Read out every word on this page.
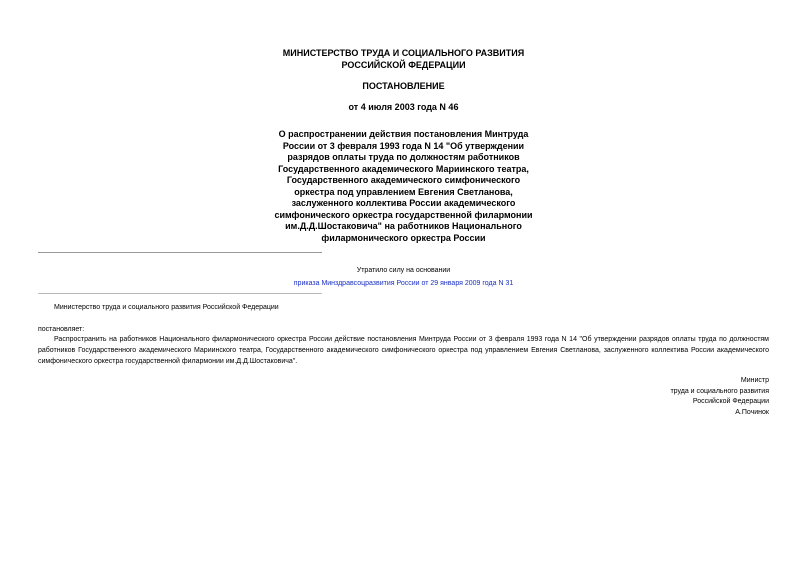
МИНИСТЕРСТВО ТРУДА И СОЦИАЛЬНОГО РАЗВИТИЯ
РОССИЙСКОЙ ФЕДЕРАЦИИ
ПОСТАНОВЛЕНИЕ
от 4 июля 2003 года N 46
О распространении действия постановления Минтруда
России от 3 февраля 1993 года N 14 "Об утверждении
разрядов оплаты труда по должностям работников
Государственного академического Мариинского театра,
Государственного академического симфонического
оркестра под управлением Евгения Светланова,
заслуженного коллектива России академического
симфонического оркестра государственной филармонии
им.Д.Д.Шостаковича" на работников Национального
филармонического оркестра России
Утратило силу на основании
приказа Минздравсоцразвития России от 29 января 2009 года N 31
Министерство труда и социального развития Российской Федерации
постановляет:
Распространить на работников Национального филармонического оркестра России действие постановления Минтруда России от 3 февраля 1993 года N 14 "Об утверждении разрядов оплаты труда по должностям работников Государственного академического Мариинского театра, Государственного академического симфонического оркестра под управлением Евгения Светланова, заслуженного коллектива России академического симфонического оркестра государственной филармонии им.Д.Д.Шостаковича".
Министр
труда и социального развития
Российской Федерации
А.Починок
